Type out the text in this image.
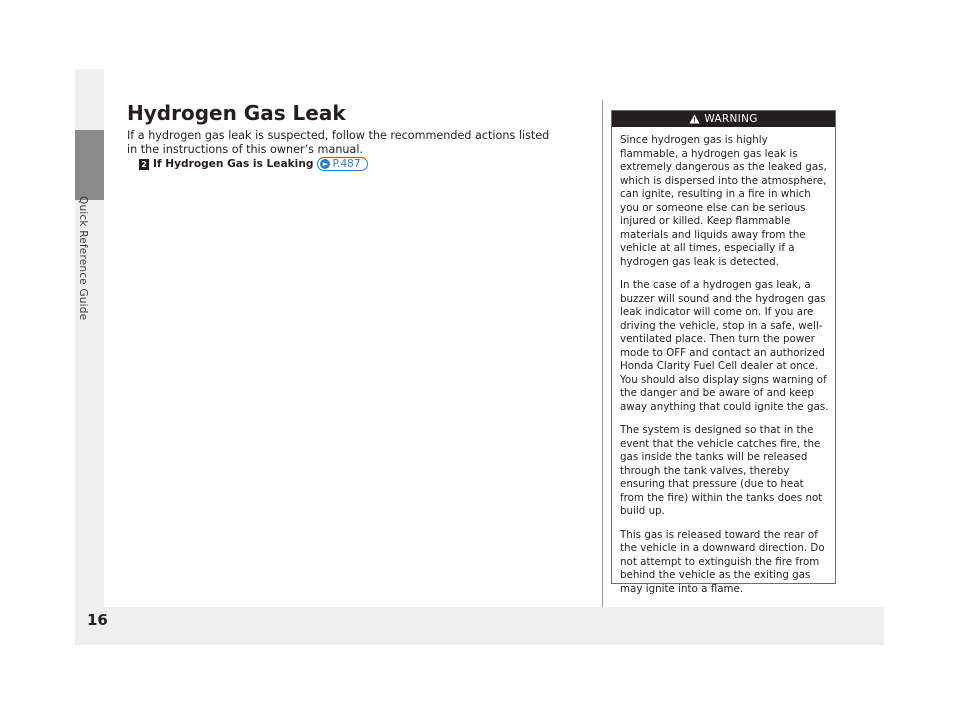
Quick Reference Guide
16
Hydrogen Gas Leak

If a hydrogen gas leak is suspected, follow the recommended actions listed in the instructions of this owner’s manual.

2 If Hydrogen Gas is Leaking	► P.487
WARNING

Since hydrogen gas is highly flammable, a hydrogen gas leak is extremely dangerous as the leaked gas, which is dispersed into the atmosphere, can ignite, resulting in a fire in which you or someone else can be serious injured or killed. Keep flammable materials and liquids away from the vehicle at all times, especially if a hydrogen gas leak is detected.

In the case of a hydrogen gas leak, a buzzer will sound and the hydrogen gas leak indicator will come on. If you are driving the vehicle, stop in a safe, well-ventilated place. Then turn the power mode to OFF and contact an authorized Honda Clarity Fuel Cell dealer at once. You should also display signs warning of the danger and be aware of and keep away anything that could ignite the gas.

The system is designed so that in the event that the vehicle catches fire, the gas inside the tanks will be released through the tank valves, thereby ensuring that pressure (due to heat from the fire) within the tanks does not build up.

This gas is released toward the rear of the vehicle in a downward direction. Do not attempt to extinguish the fire from behind the vehicle as the exiting gas may ignite into a flame.
